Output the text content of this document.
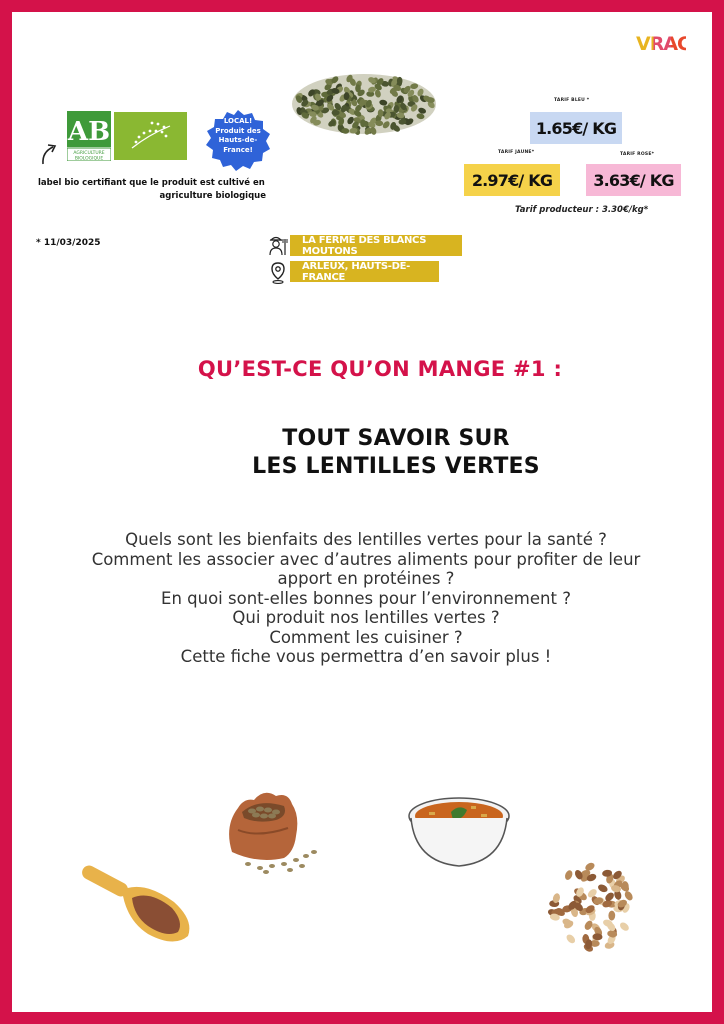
VRAC
AB
AGRICULTURE
BIOLOGIQUE
label bio certifiant que le produit est cultivé en
agriculture biologique
LOCAL!
Produit des
Hauts-de-
France!
TARIF BLEU *
1.65€/ KG
TARIF JAUNE*
2.97€/ KG
TARIF ROSE*
3.63€/ KG
Tarif producteur : 3.30€/kg*
* 11/03/2025	LA FERME DES BLANCS MOUTONS
ARLEUX, HAUTS-DE-FRANCE
QU’EST-CE QU’ON MANGE #1 :
TOUT SAVOIR SUR
LES LENTILLES VERTES
Quels sont les bienfaits des lentilles vertes pour la santé ?
Comment les associer avec d’autres aliments pour profiter de leur
apport en protéines ?
En quoi sont-elles bonnes pour l’environnement ?
Qui produit nos lentilles vertes ?
Comment les cuisiner ?
Cette fiche vous permettra d’en savoir plus !
